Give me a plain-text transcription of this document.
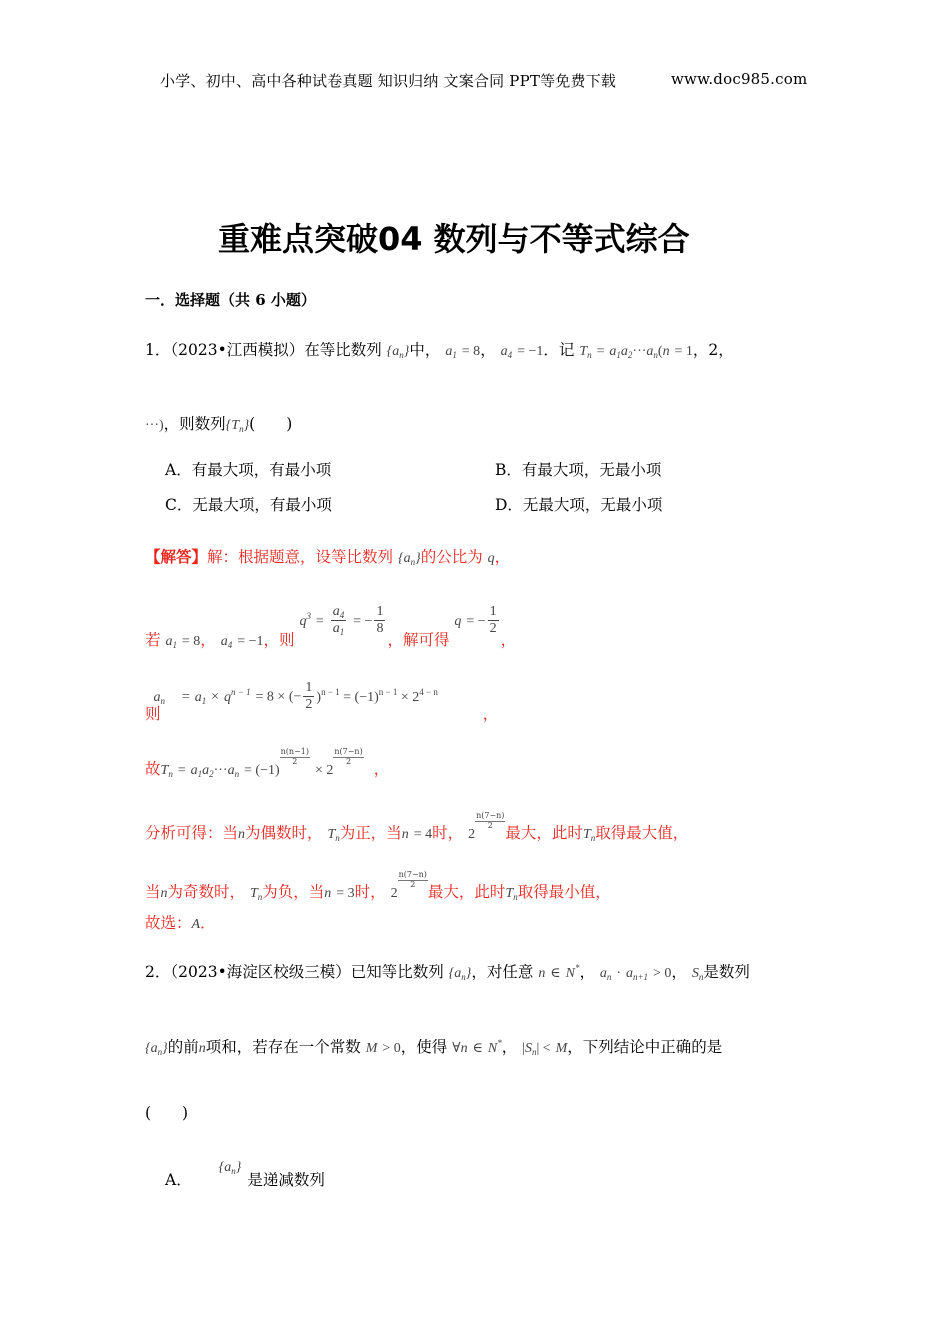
小学、初中、高中各种试卷真题 知识归纳 文案合同 PPT等免费下载	www.doc985.com
重难点突破04 数列与不等式综合
一．选择题（共 6 小题）
1．（2023•江西模拟）在等比数列 $\{a_n\}$中， $a_1 = 8$， $a_4 = -1$．记 $T_n = a_1a_2\cdot\cdot\cdot a_n(n = 1$，2，
···)，则数列$\{T_n\}$(　　)
A．有最大项，有最小项	B．有最大项，无最小项
C．无最大项，有最小项	D．无最大项，无最小项
【解答】解：根据题意，设等比数列 $\{a_n\}$的公比为 q，
若 $a_1 = 8$， $a_4 = -1$，则 $q^3 = \frac{a_4}{a_1}$ = − $\frac{1}{8}$
，解可得 q = − $\frac{1}{2}$
，
则 $a_n = a_1 \times q^{n - 1} = 8$ × (− $\frac{1}{2} )^{n - 1} = (-1)^{n - 1} \times 2^{4 - n}$ ，
故$T_n = a_1a_2\cdot\cdot\cdot a_n = (-1)$
$\frac{n(n-1)}{2}$
× 2
$\frac{n(7-n)}{2}$
，
分析可得：当n为偶数时， $T_n$为正，当n = 4时， 2
$\frac{n(7-n)}{2}$
最大，此时$T_n$取得最大值，
当n为奇数时， $T_n$为负，当n = 3时， 2
$\frac{n(7-n)}{2}$
最大，此时$T_n$取得最小值，
故选：A．
2．（2023•海淀区校级三模）已知等比数列 $\{a_n\}$，对任意 n ∈ N*， $a_n \cdot a_{n+1} > 0$， $S_n$是数列
$\{a_n\}$的前n项和，若存在一个常数 M > 0，使得 ∀n ∈ N*， $|S_n| < M$，下列结论中正确的是
(　　)
A． $\{a_n\}$是递减数列
